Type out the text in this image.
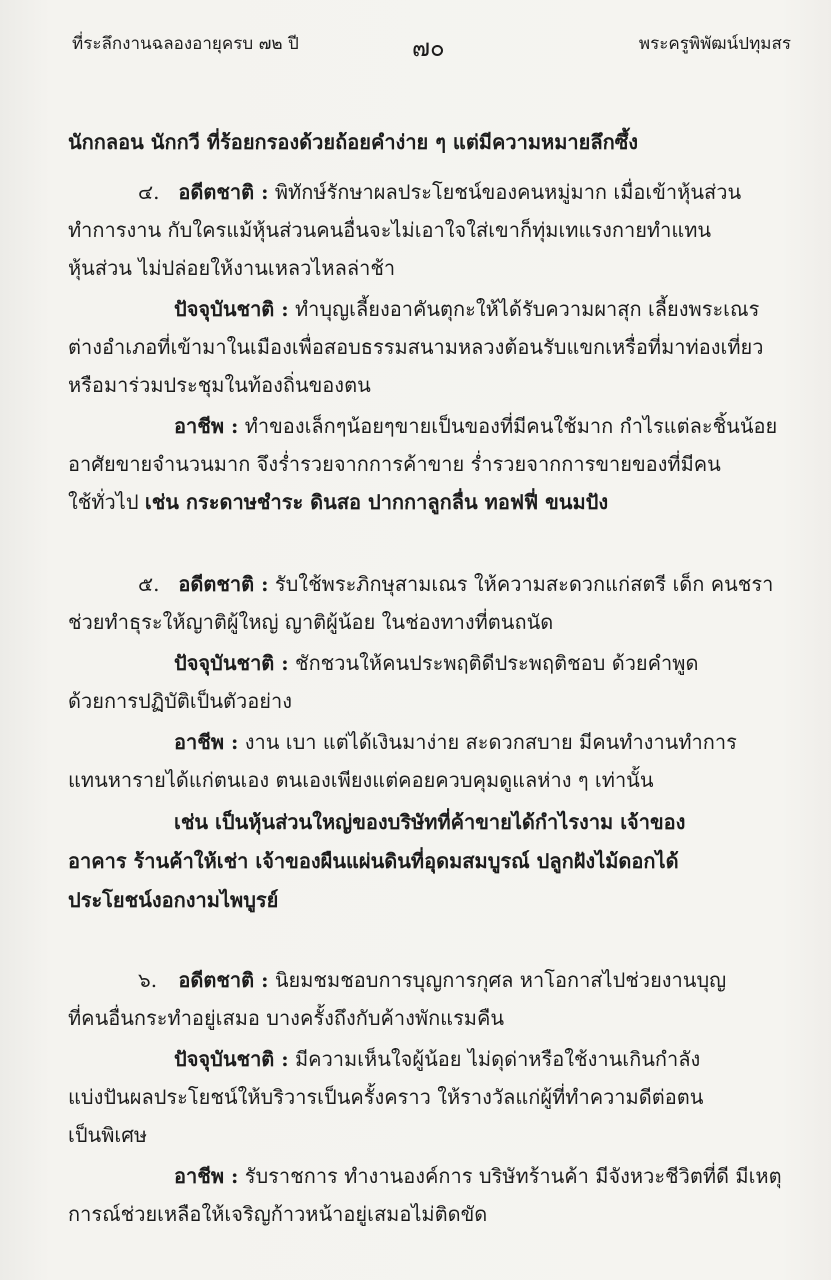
ที่ระลึกงานฉลองอายุครบ ๗๒ ปี	๗๐	พระครูพิพัฒน์ปทุมสร
นักกลอน นักกวี ที่ร้อยกรองด้วยถ้อยคำง่าย ๆ แต่มีความหมายลึกซึ้ง
๔. อดีตชาติ : พิทักษ์รักษาผลประโยชน์ของคนหมู่มาก เมื่อเข้าหุ้นส่วน
ทำการงาน กับใครแม้หุ้นส่วนคนอื่นจะไม่เอาใจใส่เขาก็ทุ่มเทแรงกายทำแทน
หุ้นส่วน ไม่ปล่อยให้งานเหลวไหลล่าช้า
ปัจจุบันชาติ : ทำบุญเลี้ยงอาคันตุกะให้ได้รับความผาสุก เลี้ยงพระเณร
ต่างอำเภอที่เข้ามาในเมืองเพื่อสอบธรรมสนามหลวงต้อนรับแขกเหรื่อที่มาท่องเที่ยว
หรือมาร่วมประชุมในท้องถิ่นของตน
อาชีพ : ทำของเล็กๆน้อยๆขายเป็นของที่มีคนใช้มาก กำไรแต่ละชิ้นน้อย
อาศัยขายจำนวนมาก จึงร่ำรวยจากการค้าขาย ร่ำรวยจากการขายของที่มีคน
ใช้ทั่วไป เช่น กระดาษชำระ ดินสอ ปากกาลูกลื่น ทอฟฟี่ ขนมปัง
๕. อดีตชาติ : รับใช้พระภิกษุสามเณร ให้ความสะดวกแก่สตรี เด็ก คนชรา
ช่วยทำธุระให้ญาติผู้ใหญ่ ญาติผู้น้อย ในช่องทางที่ตนถนัด
ปัจจุบันชาติ : ชักชวนให้คนประพฤติดีประพฤติชอบ ด้วยคำพูด
ด้วยการปฏิบัติเป็นตัวอย่าง
อาชีพ : งาน เบา แต่ได้เงินมาง่าย สะดวกสบาย มีคนทำงานทำการ
แทนหารายได้แก่ตนเอง ตนเองเพียงแต่คอยควบคุมดูแลห่าง ๆ เท่านั้น
เช่น เป็นหุ้นส่วนใหญ่ของบริษัทที่ค้าขายได้กำไรงาม เจ้าของ
อาคาร ร้านค้าให้เช่า เจ้าของผืนแผ่นดินที่อุดมสมบูรณ์ ปลูกฝังไม้ดอกได้
ประโยชน์งอกงามไพบูรย์
๖. อดีตชาติ : นิยมชมชอบการบุญการกุศล หาโอกาสไปช่วยงานบุญ
ที่คนอื่นกระทำอยู่เสมอ บางครั้งถึงกับค้างพักแรมคืน
ปัจจุบันชาติ : มีความเห็นใจผู้น้อย ไม่ดุด่าหรือใช้งานเกินกำลัง
แบ่งปันผลประโยชน์ให้บริวารเป็นครั้งคราว ให้รางวัลแก่ผู้ที่ทำความดีต่อตน
เป็นพิเศษ
อาชีพ : รับราชการ ทำงานองค์การ บริษัทร้านค้า มีจังหวะชีวิตที่ดี มีเหตุ
การณ์ช่วยเหลือให้เจริญก้าวหน้าอยู่เสมอไม่ติดขัด
